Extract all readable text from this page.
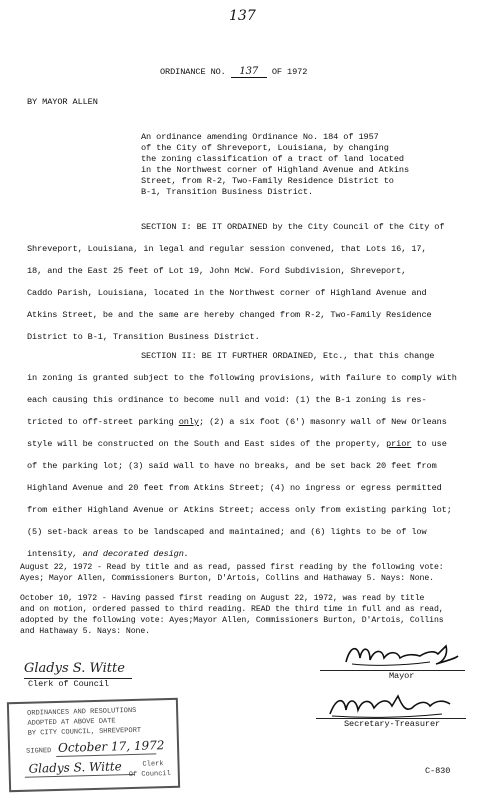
137
ORDINANCE NO. 137 OF 1972
BY MAYOR ALLEN
An ordinance amending Ordinance No. 184 of 1957
of the City of Shreveport, Louisiana, by changing
the zoning classification of a tract of land located
in the Northwest corner of Highland Avenue and Atkins
Street, from R-2, Two-Family Residence District to
B-1, Transition Business District.
SECTION I: BE IT ORDAINED by the City Council of the City of
Shreveport, Louisiana, in legal and regular session convened, that Lots 16, 17,
18, and the East 25 feet of Lot 19, John McW. Ford Subdivision, Shreveport,
Caddo Parish, Louisiana, located in the Northwest corner of Highland Avenue and
Atkins Street, be and the same are hereby changed from R-2, Two-Family Residence
District to B-1, Transition Business District.
SECTION II: BE IT FURTHER ORDAINED, Etc., that this change
in zoning is granted subject to the following provisions, with failure to comply with
each causing this ordinance to become null and void: (1) the B-1 zoning is res-
tricted to off-street parking only; (2) a six foot (6') masonry wall of New Orleans
style will be constructed on the South and East sides of the property, prior to use
of the parking lot; (3) said wall to have no breaks, and be set back 20 feet from
Highland Avenue and 20 feet from Atkins Street; (4) no ingress or egress permitted
from either Highland Avenue or Atkins Street; access only from existing parking lot;
(5) set-back areas to be landscaped and maintained; and (6) lights to be of low
intensity, and decorated design.
August 22, 1972 - Read by title and as read, passed first reading by the following vote:
Ayes; Mayor Allen, Commissioners Burton, D'Artois, Collins and Hathaway 5. Nays: None.
October 10, 1972 - Having passed first reading on August 22, 1972, was read by title
and on motion, ordered passed to third reading. READ the third time in full and as read,
adopted by the following vote: Ayes;Mayor Allen, Commissioners Burton, D'Artois, Collins
and Hathaway 5. Nays: None.
Gladys S. Witte
Clerk of Council
Mayor
Secretary-Treasurer
ORDINANCES AND RESOLUTIONS
ADOPTED AT ABOVE DATE
BY CITY COUNCIL, SHREVEPORT
SIGNED October 17, 1972
Gladys S. Witte	Clerk
Of Council	C-830
